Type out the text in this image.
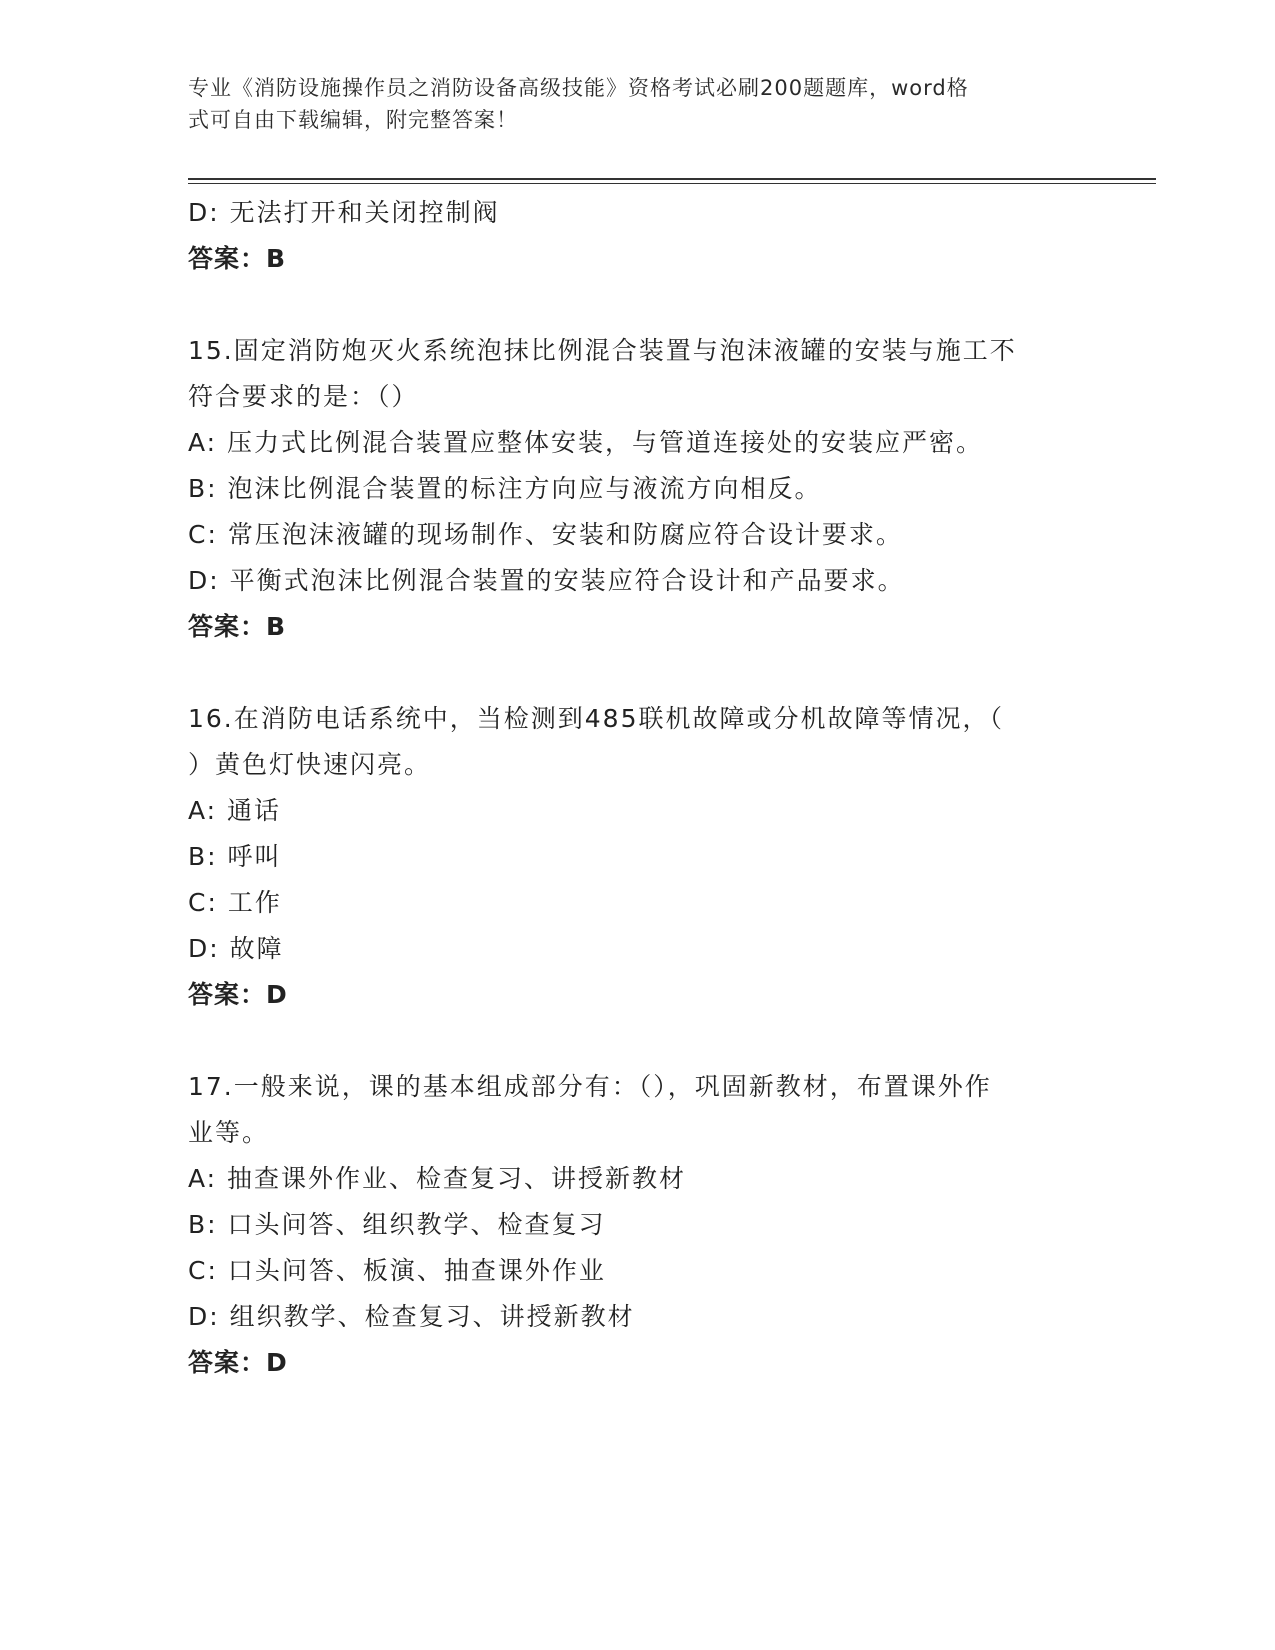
专业《消防设施操作员之消防设备高级技能》资格考试必刷200题题库，word格
式可自由下载编辑，附完整答案！
D: 无法打开和关闭控制阀
答案：B
15.固定消防炮灭火系统泡抹比例混合装置与泡沫液罐的安装与施工不
符合要求的是：（）
A: 压力式比例混合装置应整体安装，与管道连接处的安装应严密。
B: 泡沫比例混合装置的标注方向应与液流方向相反。
C: 常压泡沫液罐的现场制作、安装和防腐应符合设计要求。
D: 平衡式泡沫比例混合装置的安装应符合设计和产品要求。
答案：B
16.在消防电话系统中，当检测到485联机故障或分机故障等情况，（
）黄色灯快速闪亮。
A: 通话
B: 呼叫
C: 工作
D: 故障
答案：D
17.一般来说，课的基本组成部分有：（），巩固新教材，布置课外作
业等。
A: 抽查课外作业、检查复习、讲授新教材
B: 口头问答、组织教学、检查复习
C: 口头问答、板演、抽查课外作业
D: 组织教学、检查复习、讲授新教材
答案：D
